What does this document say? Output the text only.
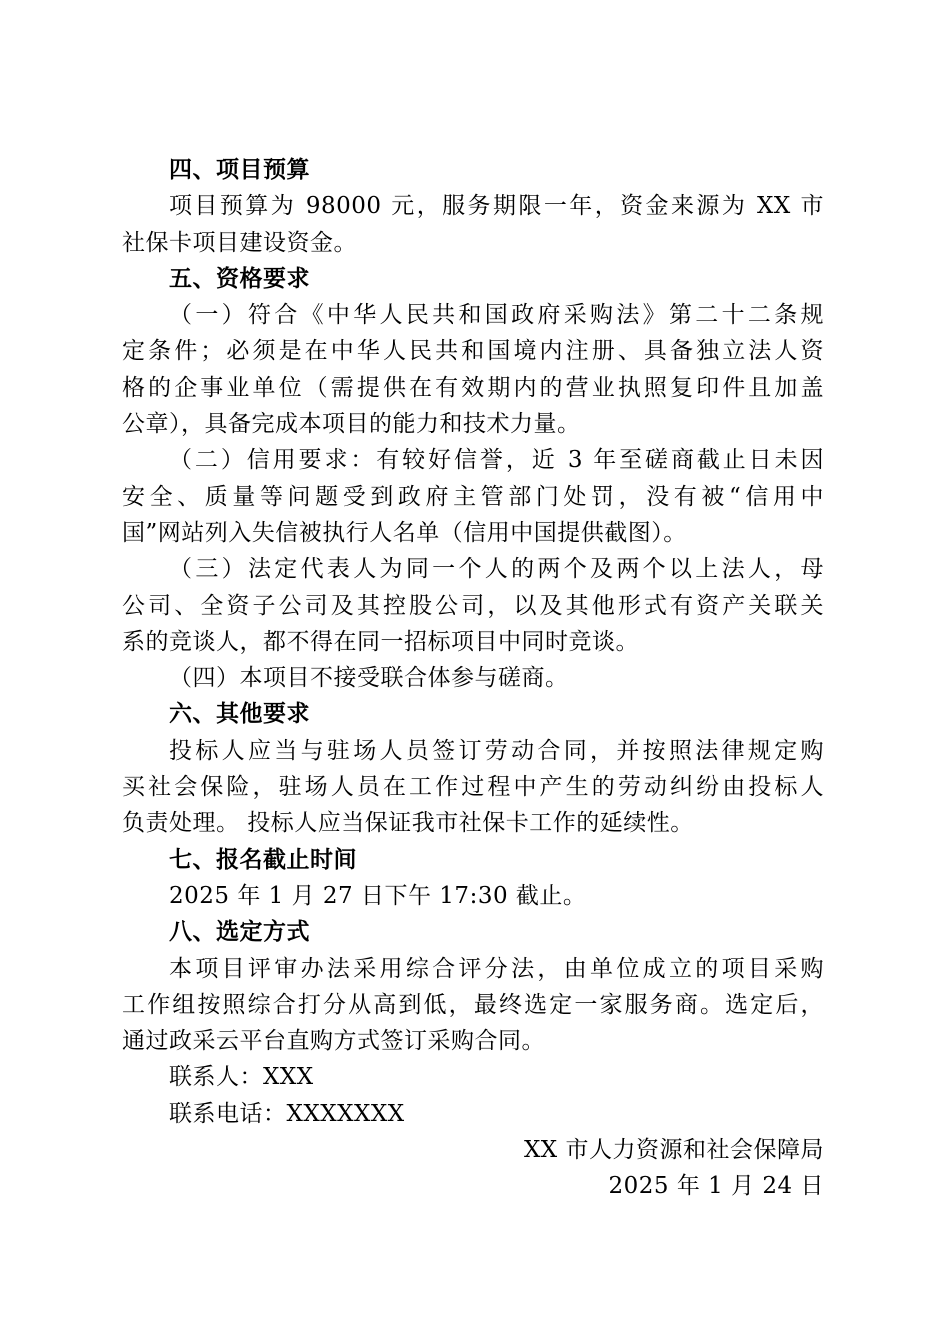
四、项目预算
项目预算为 98000 元，服务期限一年，资金来源为 XX 市
社保卡项目建设资金。
五、资格要求
（一）符合《中华人民共和国政府采购法》第二十二条规
定条件；必须是在中华人民共和国境内注册、具备独立法人资
格的企事业单位（需提供在有效期内的营业执照复印件且加盖
公章），具备完成本项目的能力和技术力量。
（二）信用要求：有较好信誉，近 3 年至磋商截止日未因
安全、质量等问题受到政府主管部门处罚，没有被“信用中
国”网站列入失信被执行人名单（信用中国提供截图）。
（三）法定代表人为同一个人的两个及两个以上法人，母
公司、全资子公司及其控股公司，以及其他形式有资产关联关
系的竞谈人，都不得在同一招标项目中同时竞谈。
（四）本项目不接受联合体参与磋商。
六、其他要求
投标人应当与驻场人员签订劳动合同，并按照法律规定购
买社会保险，驻场人员在工作过程中产生的劳动纠纷由投标人
负责处理。 投标人应当保证我市社保卡工作的延续性。
七、报名截止时间
2025 年 1 月 27 日下午 17:30 截止。
八、选定方式
本项目评审办法采用综合评分法，由单位成立的项目采购
工作组按照综合打分从高到低，最终选定一家服务商。选定后，
通过政采云平台直购方式签订采购合同。
联系人：XXX
联系电话：XXXXXXX
XX 市人力资源和社会保障局
2025 年 1 月 24 日
